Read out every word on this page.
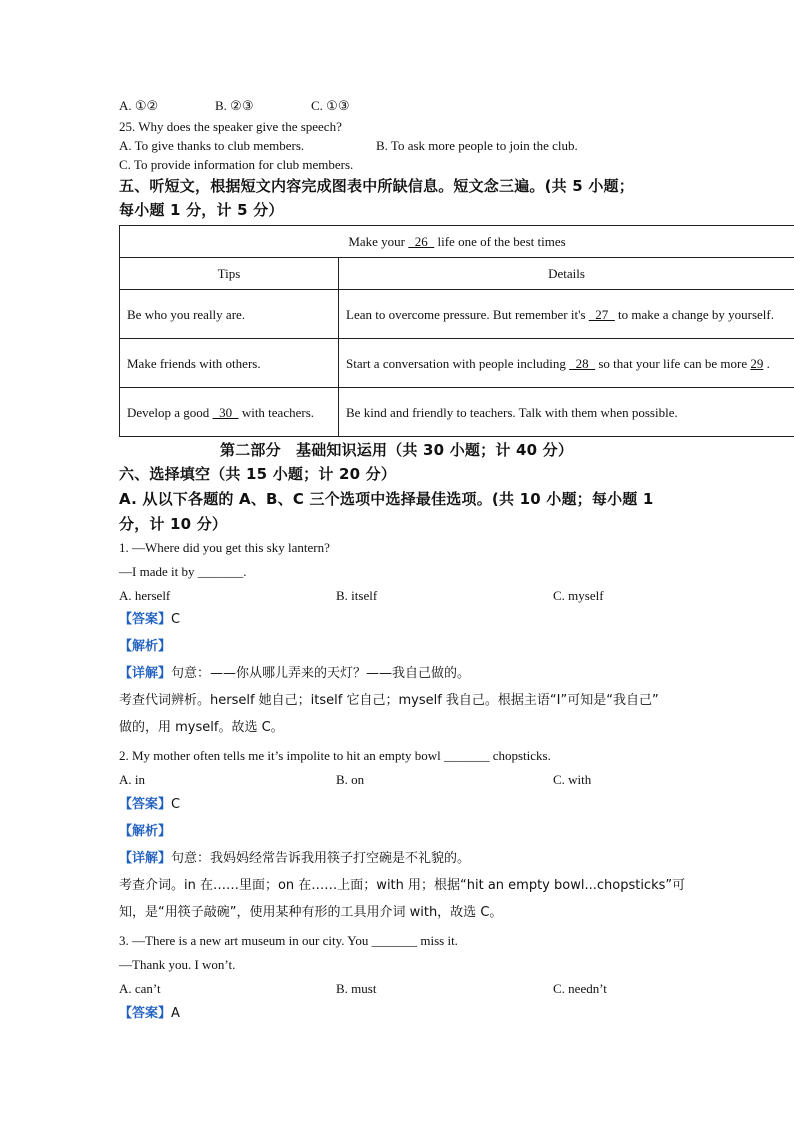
A. ①②	B. ②③	C. ①③
25. Why does the speaker give the speech?
A. To give thanks to club members.	B. To ask more people to join the club.
C. To provide information for club members.
五、听短文，根据短文内容完成图表中所缺信息。短文念三遍。(共 5 小题；
每小题 1 分，计 5 分）
Make your   26   life one of the best times	
Tips	Details
Be who you really are.	Lean to overcome pressure. But remember it's   27   to make a change by yourself.
Make friends with others.	Start a conversation with people including   28   so that your life can be more 29 .
Develop a good   30   with teachers.	Be kind and friendly to teachers. Talk with them when possible.
第二部分　基础知识运用（共 30 小题；计 40 分）
六、选择填空（共 15 小题；计 20 分）
A. 从以下各题的 A、B、C 三个选项中选择最佳选项。(共 10 小题；每小题 1
分，计 10 分）
1. —Where did you get this sky lantern?
—I made it by _______.
A. herself	B. itself	C. myself
【答案】C
【解析】
【详解】句意：——你从哪儿弄来的天灯？——我自己做的。
考查代词辨析。herself 她自己；itself 它自己；myself 我自己。根据主语“I”可知是“我自己”
做的，用 myself。故选 C。
2. My mother often tells me it’s impolite to hit an empty bowl _______ chopsticks.
A. in	B. on	C. with
【答案】C
【解析】
【详解】句意：我妈妈经常告诉我用筷子打空碗是不礼貌的。
考查介词。in 在……里面；on 在……上面；with 用；根据“hit an empty bowl...chopsticks”可
知，是“用筷子敲碗”，使用某种有形的工具用介词 with，故选 C。
3. —There is a new art museum in our city. You _______ miss it.
—Thank you. I won’t.
A. can’t	B. must	C. needn’t
【答案】A
